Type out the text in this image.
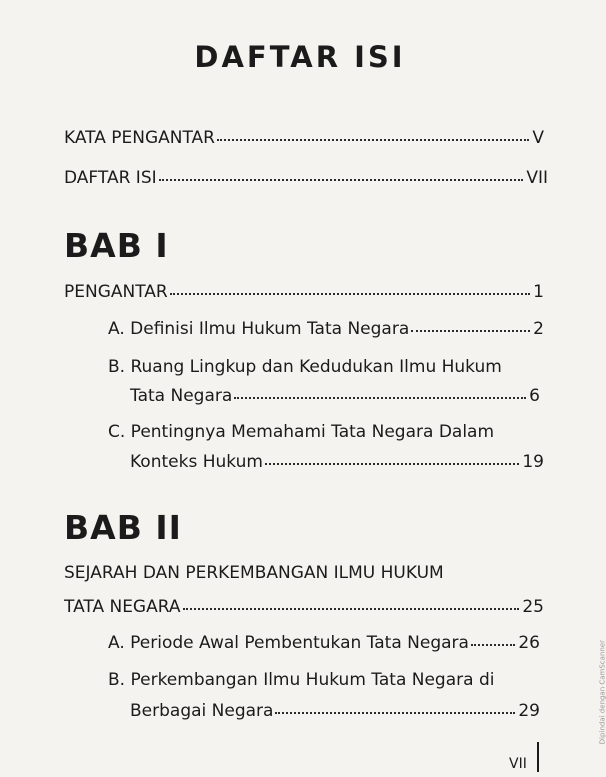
DAFTAR ISI
KATA PENGANTAR	V
DAFTAR ISI	VII
BAB I
PENGANTAR	1
A. Definisi Ilmu Hukum Tata Negara	2
B. Ruang Lingkup dan Kedudukan Ilmu Hukum
Tata Negara	6
C. Pentingnya Memahami Tata Negara Dalam
Konteks Hukum	19
BAB II
SEJARAH DAN PERKEMBANGAN ILMU HUKUM
TATA NEGARA	25
A. Periode Awal Pembentukan Tata Negara	26
B. Perkembangan Ilmu Hukum Tata Negara di
Berbagai Negara	29
VII
Dipindai dengan CamScanner
